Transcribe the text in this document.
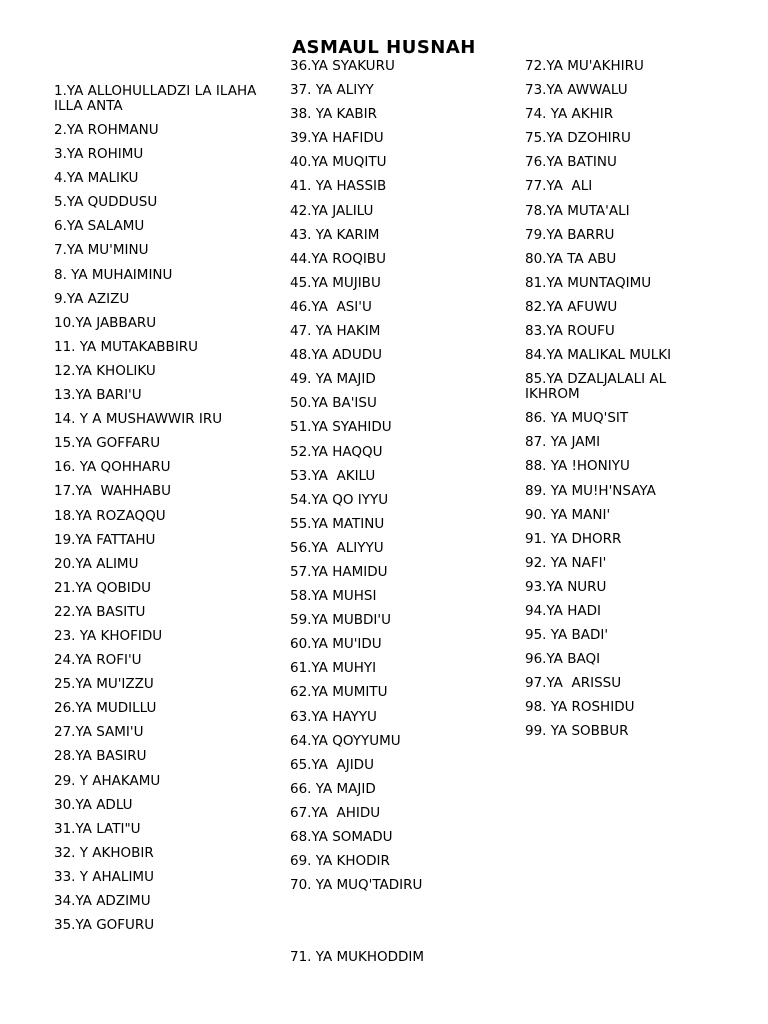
ASMAUL HUSNAH
1.YA ALLOHULLADZI LA ILAHA ILLA ANTA
2.YA ROHMANU
3.YA ROHIMU
4.YA MALIKU
5.YA QUDDUSU
6.YA SALAMU
7.YA MU'MINU
8. YA MUHAIMINU
9.YA AZIZU
10.YA JABBARU
11. YA MUTAKABBIRU
12.YA KHOLIKU
13.YA BARI'U
14. Y A MUSHAWWIR IRU
15.YA GOFFARU
16. YA QOHHARU
17.YA  WAHHABU
18.YA ROZAQQU
19.YA FATTAHU
20.YA ALIMU
21.YA QOBIDU
22.YA BASITU
23. YA KHOFIDU
24.YA ROFI'U
25.YA MU'IZZU
26.YA MUDILLU
27.YA SAMI'U
28.YA BASIRU
29. Y AHAKAMU
30.YA ADLU
31.YA LATI"U
32. Y AKHOBIR
33. Y AHALIMU
34.YA ADZIMU
35.YA GOFURU
36.YA SYAKURU
37. YA ALIYY
38. YA KABIR
39.YA HAFIDU
40.YA MUQITU
41. YA HASSIB
42.YA JALILU
43. YA KARIM
44.YA ROQIBU
45.YA MUJIBU
46.YA  ASI'U
47. YA HAKIM
48.YA ADUDU
49. YA MAJID
50.YA BA'ISU
51.YA SYAHIDU
52.YA HAQQU
53.YA  AKILU
54.YA QO IYYU
55.YA MATINU
56.YA  ALIYYU
57.YA HAMIDU
58.YA MUHSI
59.YA MUBDI'U
60.YA MU'IDU
61.YA MUHYI
62.YA MUMITU
63.YA HAYYU
64.YA QOYYUMU
65.YA  AJIDU
66. YA MAJID
67.YA  AHIDU
68.YA SOMADU
69. YA KHODIR
70. YA MUQ'TADIRU
71. YA MUKHODDIM
72.YA MU'AKHIRU
73.YA AWWALU
74. YA AKHIR
75.YA DZOHIRU
76.YA BATINU
77.YA  ALI
78.YA MUTA'ALI
79.YA BARRU
80.YA TA ABU
81.YA MUNTAQIMU
82.YA AFUWU
83.YA ROUFU
84.YA MALIKAL MULKI
85.YA DZALJALALI AL IKHROM
86. YA MUQ'SIT
87. YA JAMI
88. YA !HONIYU
89. YA MU!H'NSAYA
90. YA MANI'
91. YA DHORR
92. YA NAFI'
93.YA NURU
94.YA HADI
95. YA BADI'
96.YA BAQI
97.YA  ARISSU
98. YA ROSHIDU
99. YA SOBBUR
